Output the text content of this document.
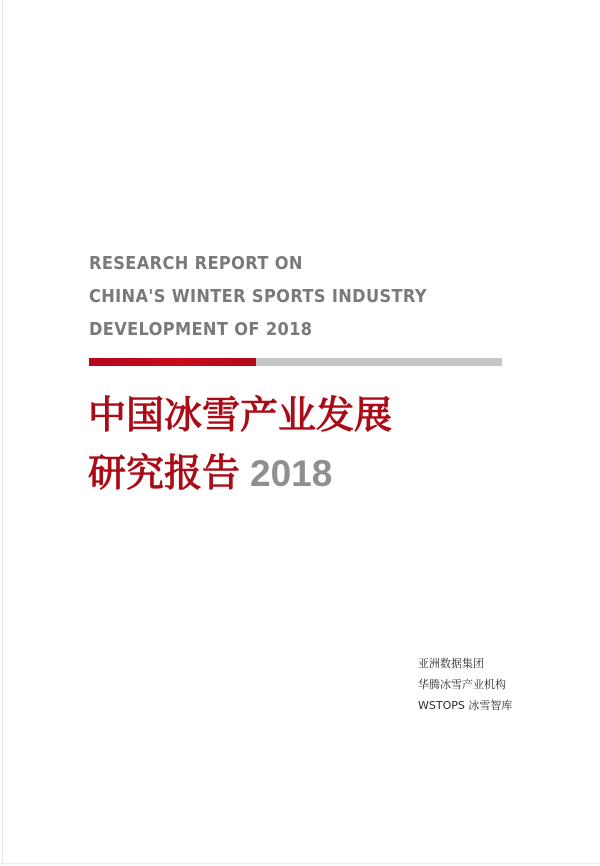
RESEARCH REPORT ON
CHINA'S WINTER SPORTS INDUSTRY
DEVELOPMENT OF 2018
中国冰雪产业发展
研究报告 2018
亚洲数据集团
华腾冰雪产业机构
WSTOPS 冰雪智库
